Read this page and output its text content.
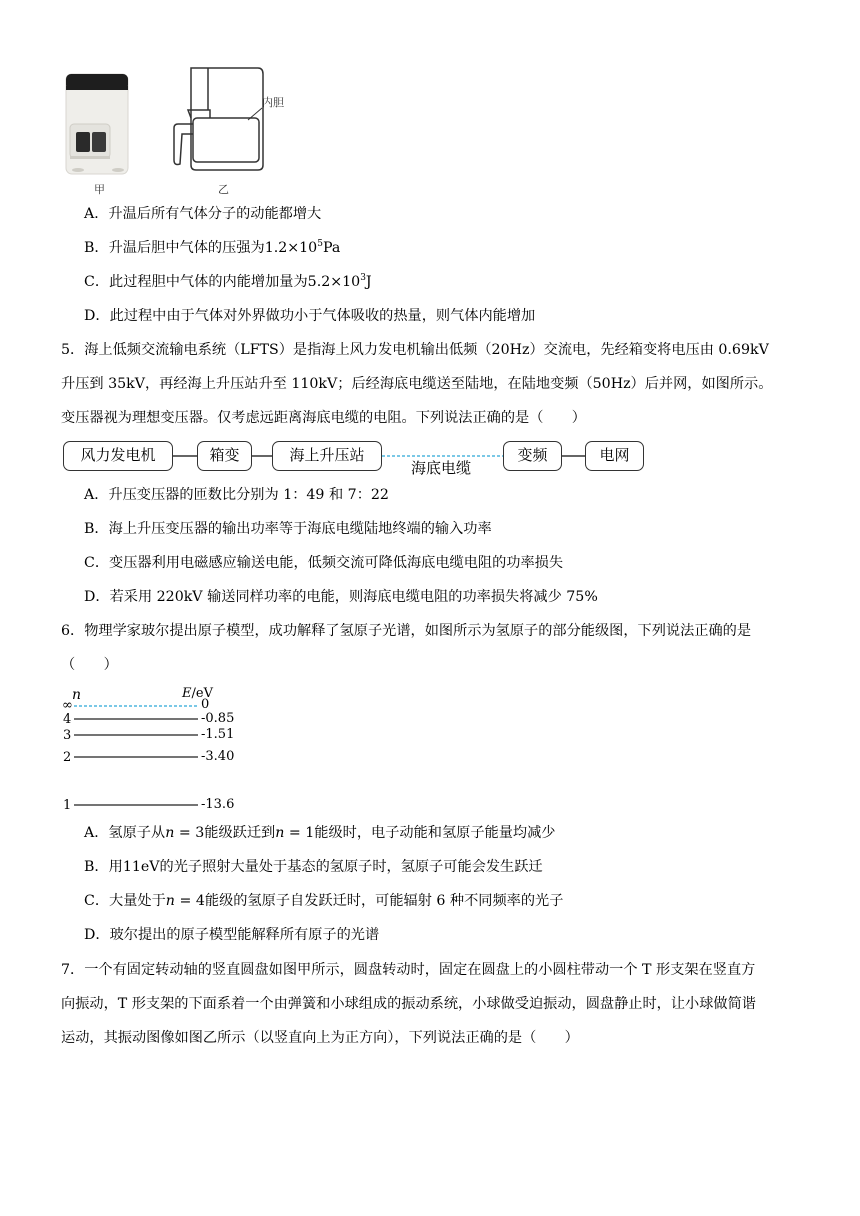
甲	乙
内胆
A．升温后所有气体分子的动能都增大
B．升温后胆中气体的压强为$1.2\times 10^5Pa$
C．此过程胆中气体的内能增加量为$5.2\times 10^3J$
D．此过程中由于气体对外界做功小于气体吸收的热量，则气体内能增加
5．海上低频交流输电系统（LFTS）是指海上风力发电机输出低频（20Hz）交流电，先经箱变将电压由 0.69kV
升压到 35kV，再经海上升压站升至 110kV；后经海底电缆送至陆地，在陆地变频（50Hz）后并网，如图所示。
变压器视为理想变压器。仅考虑远距离海底电缆的电阻。下列说法正确的是（　　）
风力发电机	箱变	海上升压站
海底电缆
变频	电网
A．升压变压器的匝数比分别为 1：49 和 7：22
B．海上升压变压器的输出功率等于海底电缆陆地终端的输入功率
C．变压器利用电磁感应输送电能，低频交流可降低海底电缆电阻的功率损失
D．若采用 220kV 输送同样功率的电能，则海底电缆电阻的功率损失将减少 75%
6．物理学家玻尔提出原子模型，成功解释了氢原子光谱，如图所示为氢原子的部分能级图，下列说法正确的是
（　　）
n	E/eV
∞	0
4	-0.85
3	-1.51
2	-3.40
1	-13.6
A．氢原子从n = 3能级跃迁到n = 1能级时，电子动能和氢原子能量均减少
B．用11eV的光子照射大量处于基态的氢原子时，氢原子可能会发生跃迁
C．大量处于n = 4能级的氢原子自发跃迁时，可能辐射 6 种不同频率的光子
D．玻尔提出的原子模型能解释所有原子的光谱
7．一个有固定转动轴的竖直圆盘如图甲所示，圆盘转动时，固定在圆盘上的小圆柱带动一个 T 形支架在竖直方
向振动，T 形支架的下面系着一个由弹簧和小球组成的振动系统，小球做受迫振动，圆盘静止时，让小球做简谐
运动，其振动图像如图乙所示（以竖直向上为正方向），下列说法正确的是（　　）
